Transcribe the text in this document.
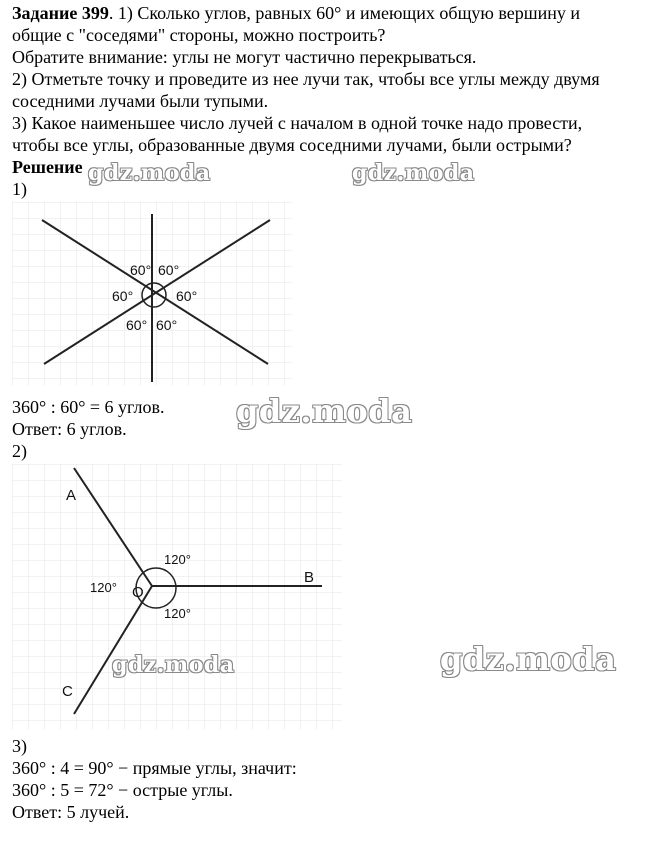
Задание 399. 1) Сколько углов, равных 60° и имеющих общую вершину и
общие с "соседями" стороны, можно построить?
Обратите внимание: углы не могут частично перекрываться.
2) Отметьте точку и проведите из нее лучи так, чтобы все углы между двумя
соседними лучами были тупыми.
3) Какое наименьшее число лучей с началом в одной точке надо провести,
чтобы все углы, образованные двумя соседними лучами, были острыми?
Решение
1)
60° 60°
60°	60°
60° 60°
360° : 60° = 6 углов.
Ответ: 6 углов.
2)
A
B
C
O
120°
120°
120°
3)
360° : 4 = 90° − прямые углы, значит:
360° : 5 = 72° − острые углы.
Ответ: 5 лучей.
gdz.moda	gdz.moda
gdz.moda
gdz.moda	gdz.moda
